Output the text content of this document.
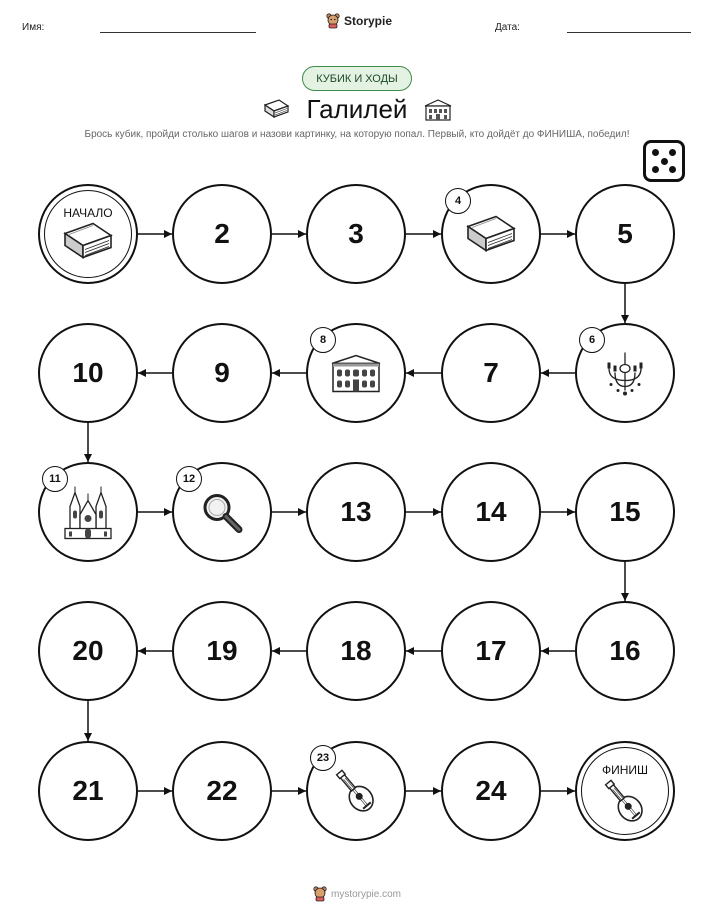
Имя:	Storypie	Дата:
КУБИК И ХОДЫ
Галилей
Брось кубик, пройди столько шагов и назови картинку, на которую попал. Первый, кто дойдёт до ФИНИША, победил!
НАЧАЛО
2	3
4
5
6
7
8
9
10
11	12
13	14	15
16
17
18
19
20
21	22
23
24
ФИНИШ
mystorypie.com
